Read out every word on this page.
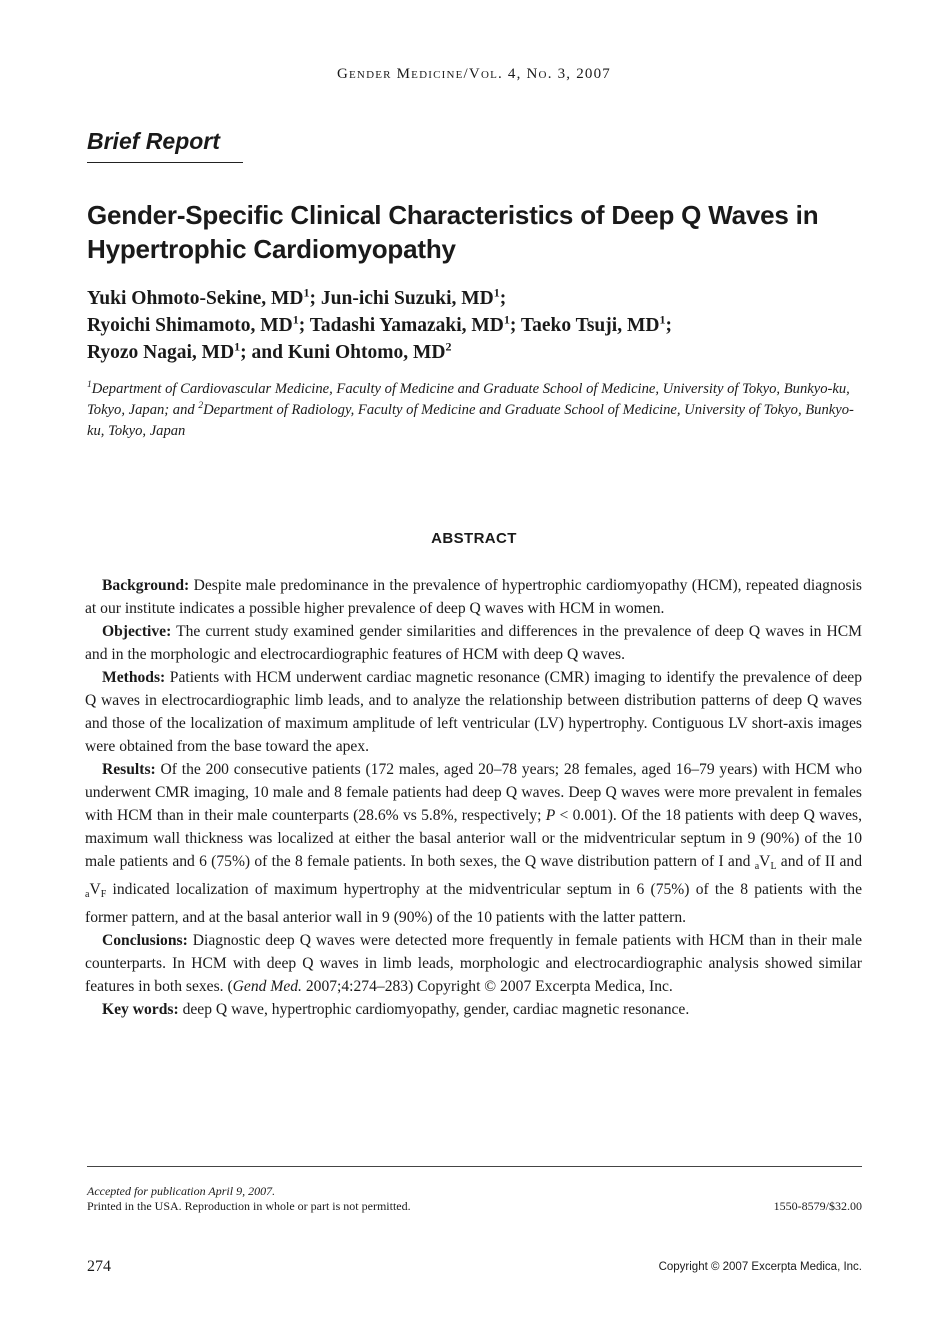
Gender Medicine/Vol. 4, No. 3, 2007
Brief Report
Gender-Specific Clinical Characteristics of Deep Q Waves in Hypertrophic Cardiomyopathy
Yuki Ohmoto-Sekine, $MD^1$; Jun-ichi Suzuki, $MD^1$;
Ryoichi Shimamoto, $MD^1$; Tadashi Yamazaki, $MD^1$; Taeko Tsuji, $MD^1$;
Ryozo Nagai, $MD^1$; and Kuni Ohtomo, $MD^2$
$^1$Department of Cardiovascular Medicine, Faculty of Medicine and Graduate School of Medicine, University of Tokyo, Bunkyo-ku, Tokyo, Japan; and $^2$Department of Radiology, Faculty of Medicine and Graduate School of Medicine, University of Tokyo, Bunkyo-ku, Tokyo, Japan
ABSTRACT

Background: Despite male predominance in the prevalence of hypertrophic cardiomyopathy (HCM), repeated diagnosis at our institute indicates a possible higher prevalence of deep Q waves with HCM in women.

Objective: The current study examined gender similarities and differences in the prevalence of deep Q waves in HCM and in the morphologic and electrocardiographic features of HCM with deep Q waves.

Methods: Patients with HCM underwent cardiac magnetic resonance (CMR) imaging to identify the prevalence of deep Q waves in electrocardiographic limb leads, and to analyze the relationship between distribution patterns of deep Q waves and those of the localization of maximum amplitude of left ventricular (LV) hypertrophy. Contiguous LV short-axis images were obtained from the base toward the apex.

Results: Of the 200 consecutive patients (172 males, aged 20–78 years; 28 females, aged 16–79 years) with HCM who underwent CMR imaging, 10 male and 8 female patients had deep Q waves. Deep Q waves were more prevalent in females with HCM than in their male counterparts (28.6% vs 5.8%, respectively; P < 0.001). Of the 18 patients with deep Q waves, maximum wall thickness was localized at either the basal anterior wall or the midventricular septum in 9 (90%) of the 10 male patients and 6 (75%) of the 8 female patients. In both sexes, the Q wave distribution pattern of I and $_aV_L$ and of II and $_aV_F$ indicated localization of maximum hypertrophy at the midventricular septum in 6 (75%) of the 8 patients with the former pattern, and at the basal anterior wall in 9 (90%) of the 10 patients with the latter pattern.

Conclusions: Diagnostic deep Q waves were detected more frequently in female patients with HCM than in their male counterparts. In HCM with deep Q waves in limb leads, morphologic and electrocardiographic analysis showed similar features in both sexes. (Gend Med. 2007;4:274–283) Copyright © 2007 Excerpta Medica, Inc.

Key words: deep Q wave, hypertrophic cardiomyopathy, gender, cardiac magnetic resonance.

Accepted for publication April 9, 2007.
Printed in the USA. Reproduction in whole or part is not permitted.	1550-8579/$32.00
274	Copyright © 2007 Excerpta Medica, Inc.
